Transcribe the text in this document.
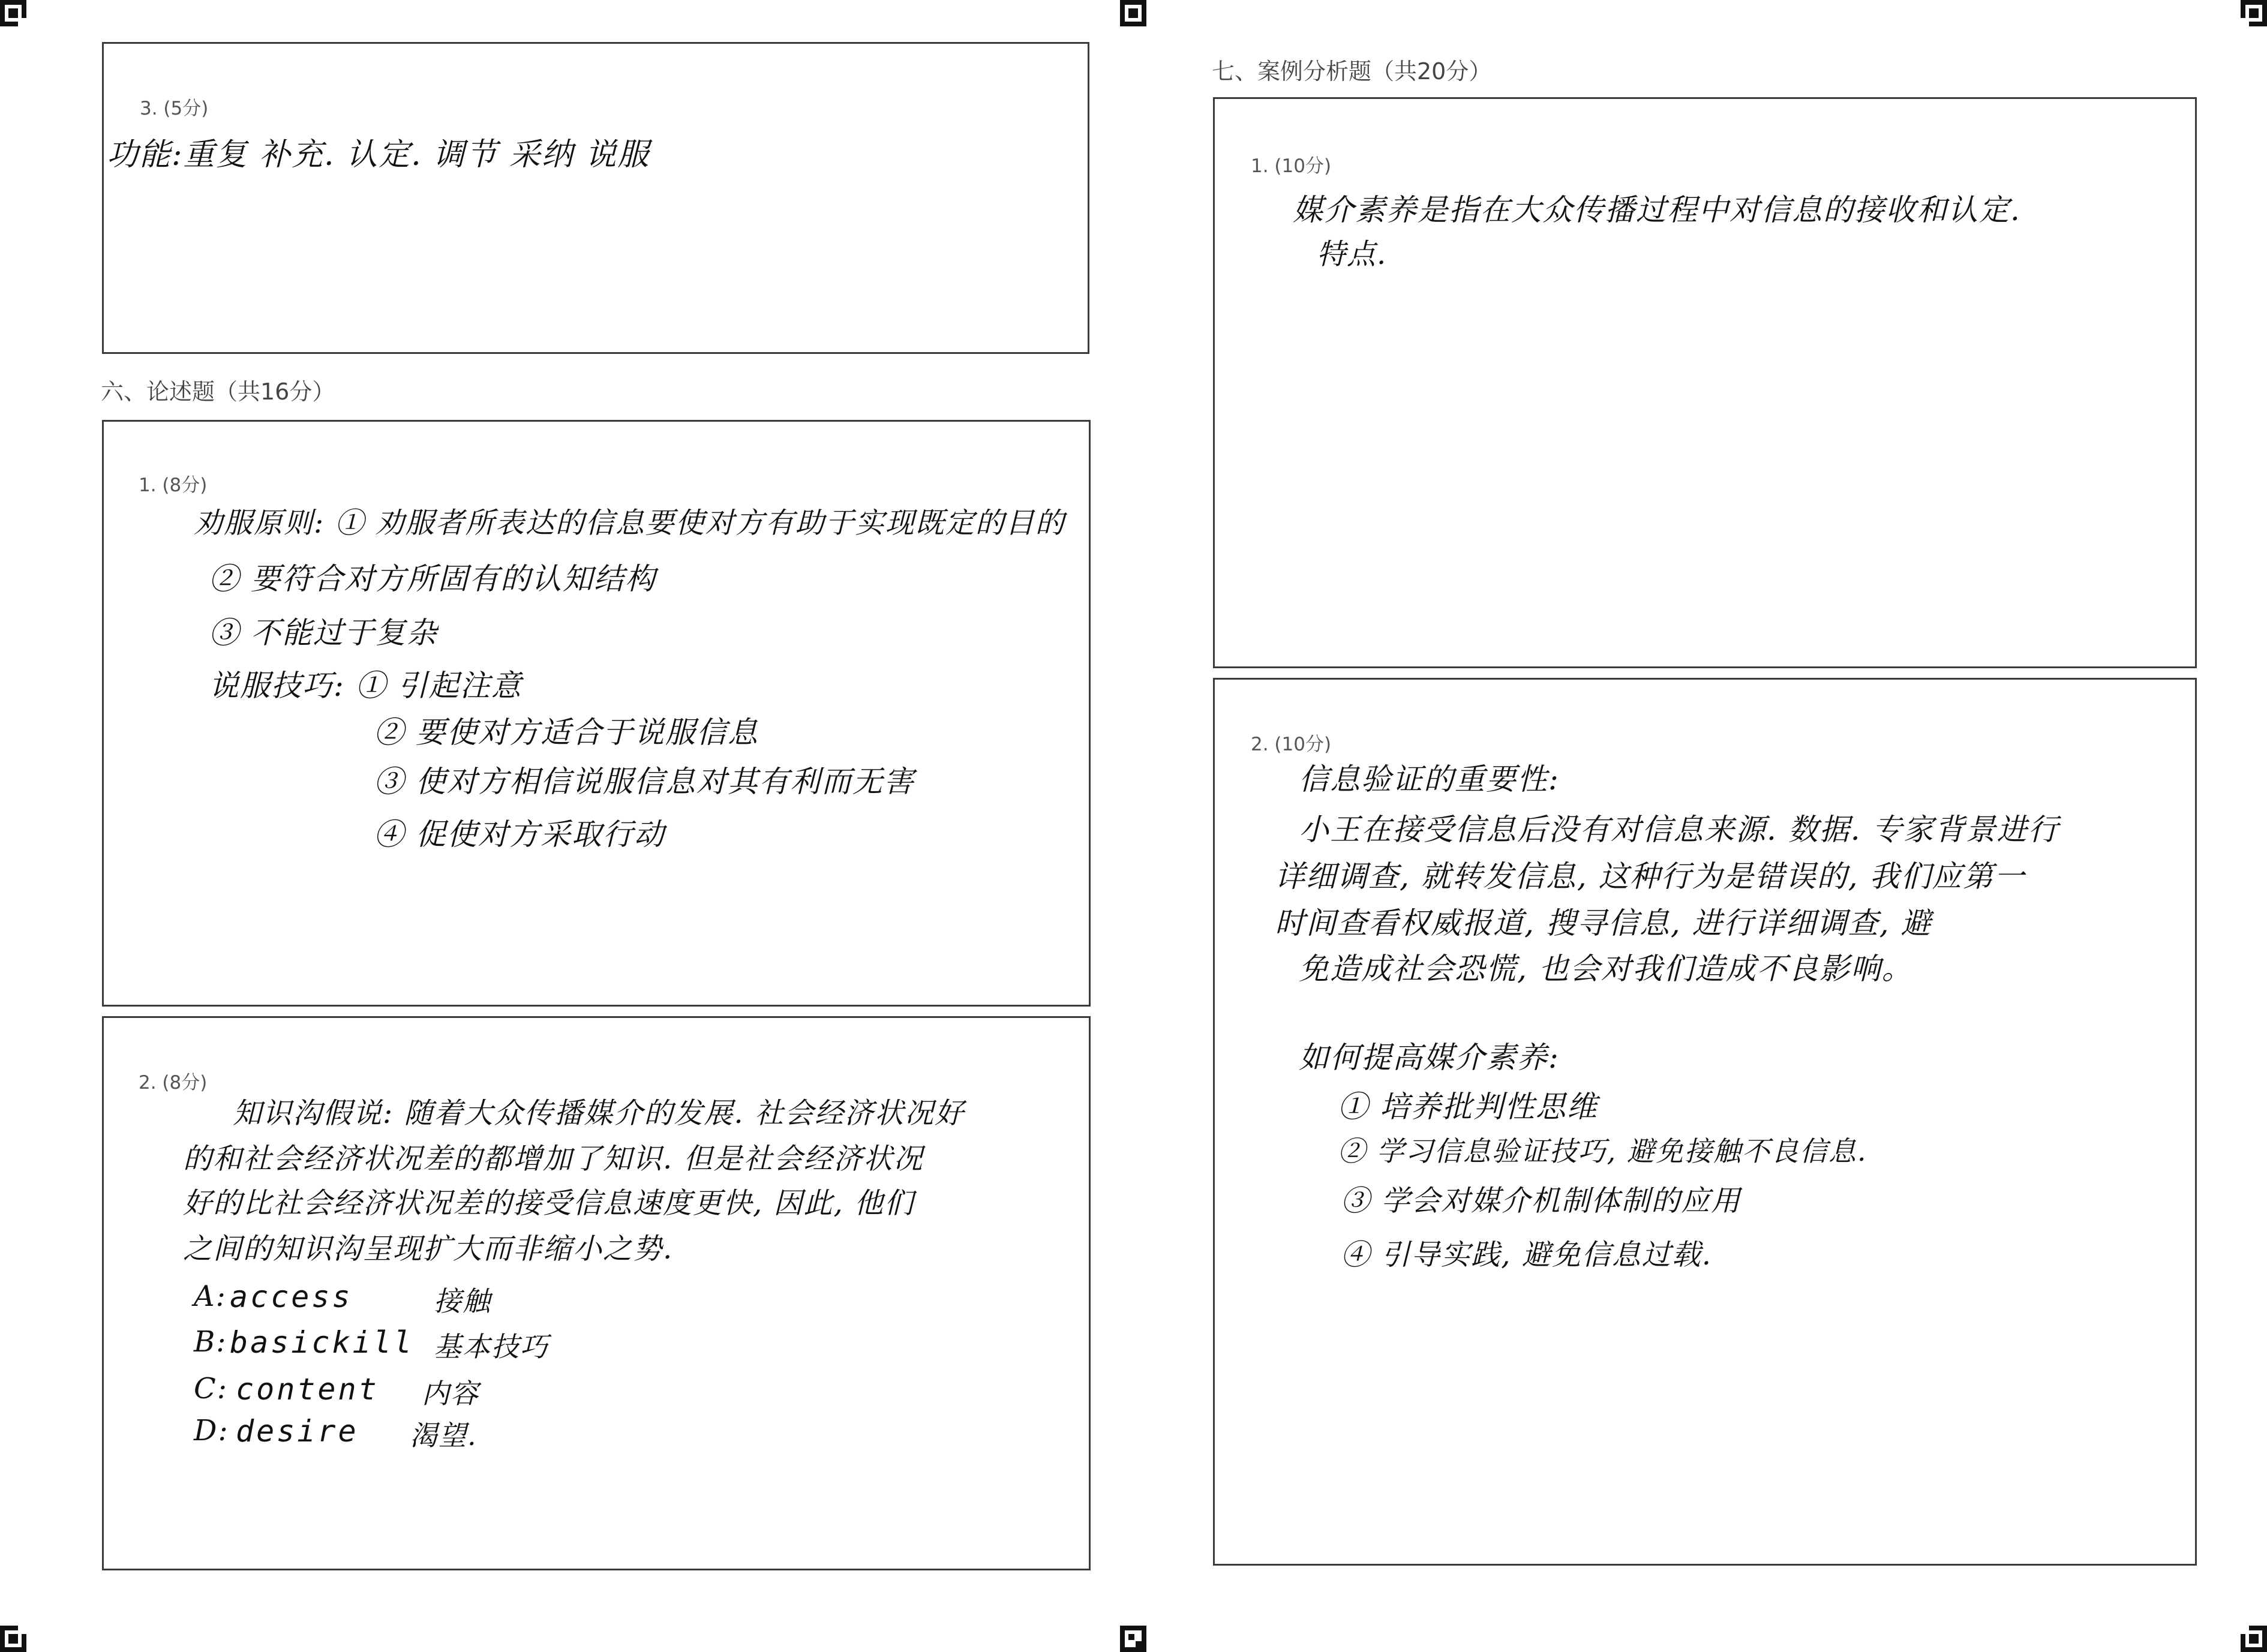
3. (5分)
功能:重复 补充. 认定. 调节 采纳 说服
六、论述题（共16分）
1. (8分)
劝服原则: ① 劝服者所表达的信息要使对方有助于实现既定的目的
② 要符合对方所固有的认知结构
③ 不能过于复杂
说服技巧: ① 引起注意
② 要使对方适合于说服信息
③ 使对方相信说服信息对其有利而无害
④ 促使对方采取行动
2. (8分)
知识沟假说: 随着大众传播媒介的发展. 社会经济状况好
的和社会经济状况差的都增加了知识. 但是社会经济状况
好的比社会经济状况差的接受信息速度更快, 因此, 他们
之间的知识沟呈现扩大而非缩小之势.
A: access	接触
B: basickill 基本技巧
C: content 内容
D: desire 渴望.
七、案例分析题（共20分）
1. (10分)
媒介素养是指在大众传播过程中对信息的接收和认定.
特点.
2. (10分)
信息验证的重要性:
小王在接受信息后没有对信息来源. 数据. 专家背景进行
详细调查, 就转发信息, 这种行为是错误的, 我们应第一
时间查看权威报道, 搜寻信息, 进行详细调查, 避
免造成社会恐慌, 也会对我们造成不良影响。
如何提高媒介素养:
① 培养批判性思维
② 学习信息验证技巧, 避免接触不良信息.
③ 学会对媒介机制体制的应用
④ 引导实践, 避免信息过载.
